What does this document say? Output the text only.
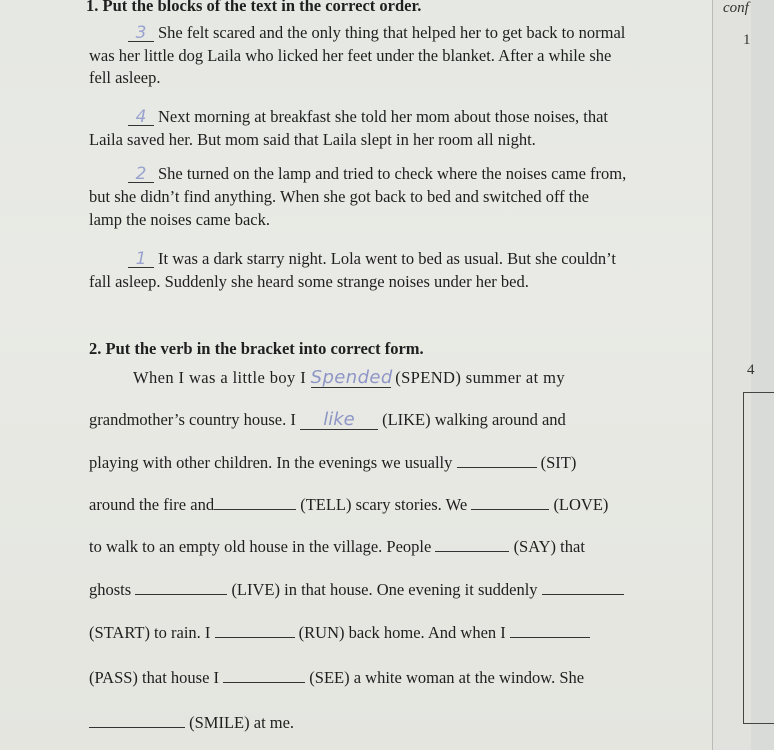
1. Put the blocks of the text in the correct order.
3 She felt scared and the only thing that helped her to get back to normal
was her little dog Laila who licked her feet under the blanket. After a while she
fell asleep.
4 Next morning at breakfast she told her mom about those noises, that
Laila saved her. But mom said that Laila slept in her room all night.
2 She turned on the lamp and tried to check where the noises came from,
but she didn’t find anything. When she got back to bed and switched off the
lamp the noises came back.
1 It was a dark starry night. Lola went to bed as usual. But she couldn’t
fall asleep. Suddenly she heard some strange noises under her bed.
2. Put the verb in the bracket into correct form.
When I was a little boy I Spended (SPEND) summer at my
grandmother’s country house. I like (LIKE) walking around and
playing with other children. In the evenings we usually	(SIT)
around the fire and	(TELL) scary stories. We	(LOVE)
to walk to an empty old house in the village. People	(SAY) that
ghosts	(LIVE) in that house. One evening it suddenly
(START) to rain. I	(RUN) back home. And when I
(PASS) that house I	(SEE) a white woman at the window. She
(SMILE) at me.
conf
1
4
